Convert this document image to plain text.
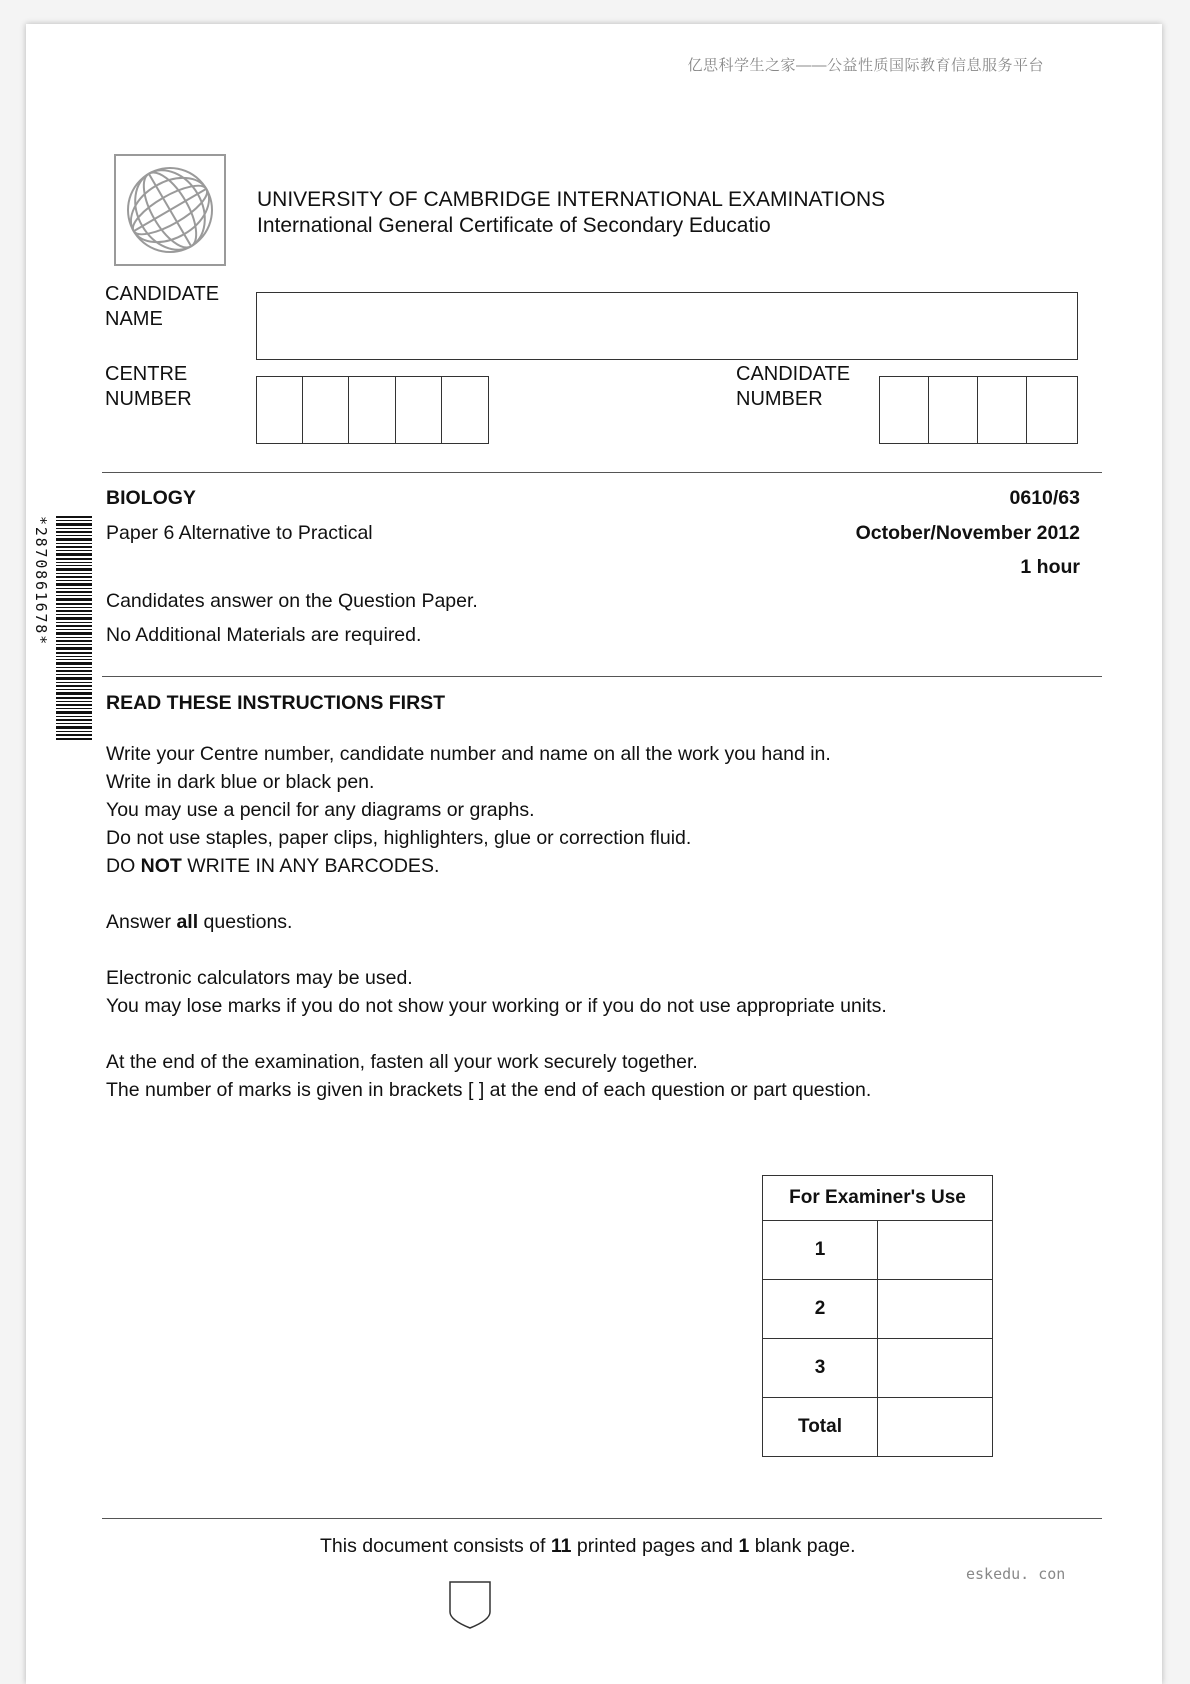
亿思科学生之家——公益性质国际教育信息服务平台
UNIVERSITY OF CAMBRIDGE INTERNATIONAL EXAMINATIONS
International General Certificate of Secondary Educatio
CANDIDATE
NAME
CENTRE
NUMBER
CANDIDATE
NUMBER
BIOLOGY	0610/63
Paper 6 Alternative to Practical	October/November 2012
1 hour
Candidates answer on the Question Paper.
No Additional Materials are required.
*2870861678*
READ THESE INSTRUCTIONS FIRST
Write your Centre number, candidate number and name on all the work you hand in.
Write in dark blue or black pen.
You may use a pencil for any diagrams or graphs.
Do not use staples, paper clips, highlighters, glue or correction fluid.
DO NOT WRITE IN ANY BARCODES.
Answer all questions.
Electronic calculators may be used.
You may lose marks if you do not show your working or if you do not use appropriate units.
At the end of the examination, fasten all your work securely together.
The number of marks is given in brackets [ ] at the end of each question or part question.
For Examiner's Use	
1	
2	
3	
Total	
This document consists of 11 printed pages and 1 blank page.
eskedu. con
